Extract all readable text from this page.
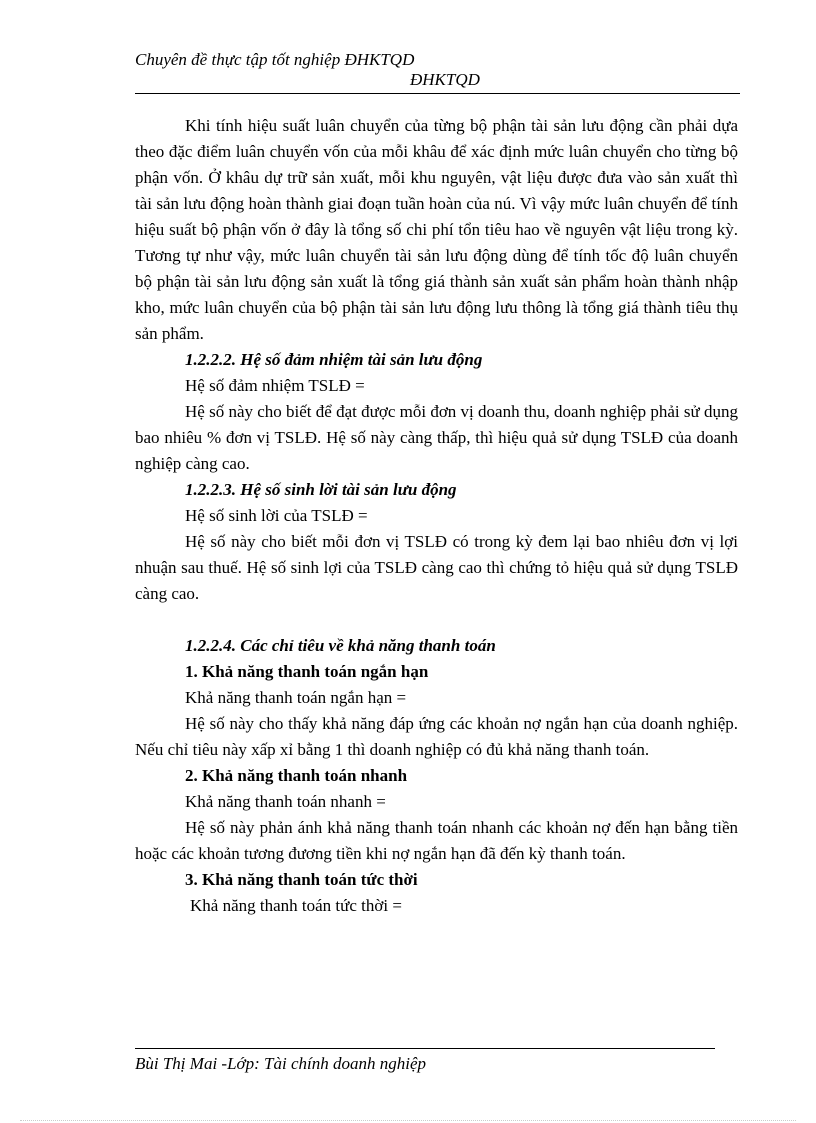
Chuyên đề thực tập tốt nghiệp ĐHKTQD
ĐHKTQD

Khi tính hiệu suất luân chuyển của từng bộ phận tài sản lưu động cần phải dựa theo đặc điểm luân chuyển vốn của mỗi khâu để xác định mức luân chuyển cho từng bộ phận vốn. Ở khâu dự trữ sản xuất, mỗi khu nguyên, vật liệu được đưa vào sản xuất thì tài sản lưu động hoàn thành giai đoạn tuần hoàn của nú. Vì vậy mức luân chuyển để tính hiệu suất bộ phận vốn ở đây là tổng số chi phí tổn tiêu hao về nguyên vật liệu trong kỳ. Tương tự như vậy, mức luân chuyển tài sản lưu động dùng để tính tốc độ luân chuyển bộ phận tài sản lưu động sản xuất là tổng giá thành sản xuất sản phẩm hoàn thành nhập kho, mức luân chuyển của bộ phận tài sản lưu động lưu thông là tổng giá thành tiêu thụ sản phẩm.

1.2.2.2. Hệ số đảm nhiệm tài sản lưu động

Hệ số đảm nhiệm TSLĐ =

Hệ số này cho biết để đạt được mỗi đơn vị doanh thu, doanh nghiệp phải sử dụng bao nhiêu % đơn vị TSLĐ. Hệ số này càng thấp, thì hiệu quả sử dụng TSLĐ của doanh nghiệp càng cao.

1.2.2.3. Hệ số sinh lời tài sản lưu động

Hệ số sinh lời của TSLĐ =

Hệ số này cho biết mỗi đơn vị TSLĐ có trong kỳ đem lại bao nhiêu đơn vị lợi nhuận sau thuế. Hệ số sinh lợi của TSLĐ càng cao thì chứng tỏ hiệu quả sử dụng TSLĐ càng cao.

1.2.2.4. Các chỉ tiêu về khả năng thanh toán

1. Khả năng thanh toán ngắn hạn

Khả năng thanh toán ngắn hạn =

Hệ số này cho thấy khả năng đáp ứng các khoản nợ ngắn hạn của doanh nghiệp. Nếu chỉ tiêu này xấp xỉ bằng 1 thì doanh nghiệp có đủ khả năng thanh toán.

2. Khả năng thanh toán nhanh

Khả năng thanh toán nhanh =

Hệ số này phản ánh khả năng thanh toán nhanh các khoản nợ đến hạn bằng tiền hoặc các khoản tương đương tiền khi nợ ngắn hạn đã đến kỳ thanh toán.

3. Khả năng thanh toán tức thời

Khả năng thanh toán tức thời =

Bùi Thị Mai -Lớp: Tài chính doanh nghiệp
